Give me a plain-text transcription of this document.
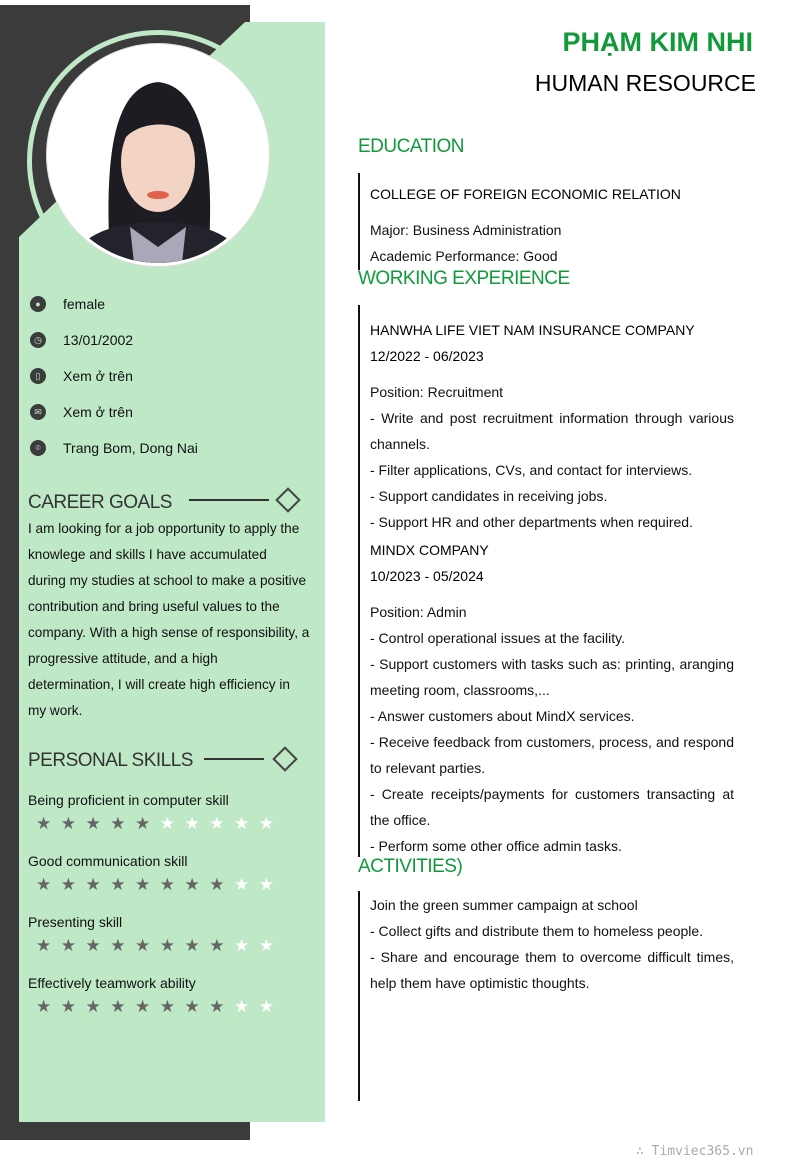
PHẠM KIM NHI
HUMAN RESOURCE
●	female
◷ 13/01/2002
▯	Xem ở trên
✉	Xem ở trên
⌾	Trang Bom, Dong Nai
CAREER GOALS
I am looking for a job opportunity to apply the
knowlege and skills I have accumulated
during my studies at school to make a positive
contribution and bring useful values to the
company. With a high sense of responsibility, a
progressive attitude, and a high
determination, I will create high efficiency in
my work.
PERSONAL SKILLS
Being proficient in computer skill
★ ★ ★ ★ ★ ★ ★ ★ ★ ★
Good communication skill
★ ★ ★ ★ ★ ★ ★ ★ ★ ★
Presenting skill
★ ★ ★ ★ ★ ★ ★ ★ ★ ★
Effectively teamwork ability
★ ★ ★ ★ ★ ★ ★ ★ ★ ★
EDUCATION
COLLEGE OF FOREIGN ECONOMIC RELATION
Major: Business Administration
Academic Performance: Good
WORKING EXPERIENCE
HANWHA LIFE VIET NAM INSURANCE COMPANY
12/2022 - 06/2023
Position: Recruitment
- Write and post recruitment information through various channels.
- Filter applications, CVs, and contact for interviews.
- Support candidates in receiving jobs.
- Support HR and other departments when required.
MINDX COMPANY
10/2023 - 05/2024
Position: Admin
- Control operational issues at the facility.
- Support customers with tasks such as: printing, aranging meeting room, classrooms,...
- Answer customers about MindX services.
- Receive feedback from customers, process, and respond to relevant parties.
- Create receipts/payments for customers transacting at the office.
- Perform some other office admin tasks.
ACTIVITIES)
Join the green summer campaign at school
- Collect gifts and distribute them to homeless people.
- Share and encourage them to overcome difficult times, help them have optimistic thoughts.
∴ Timviec365.vn
